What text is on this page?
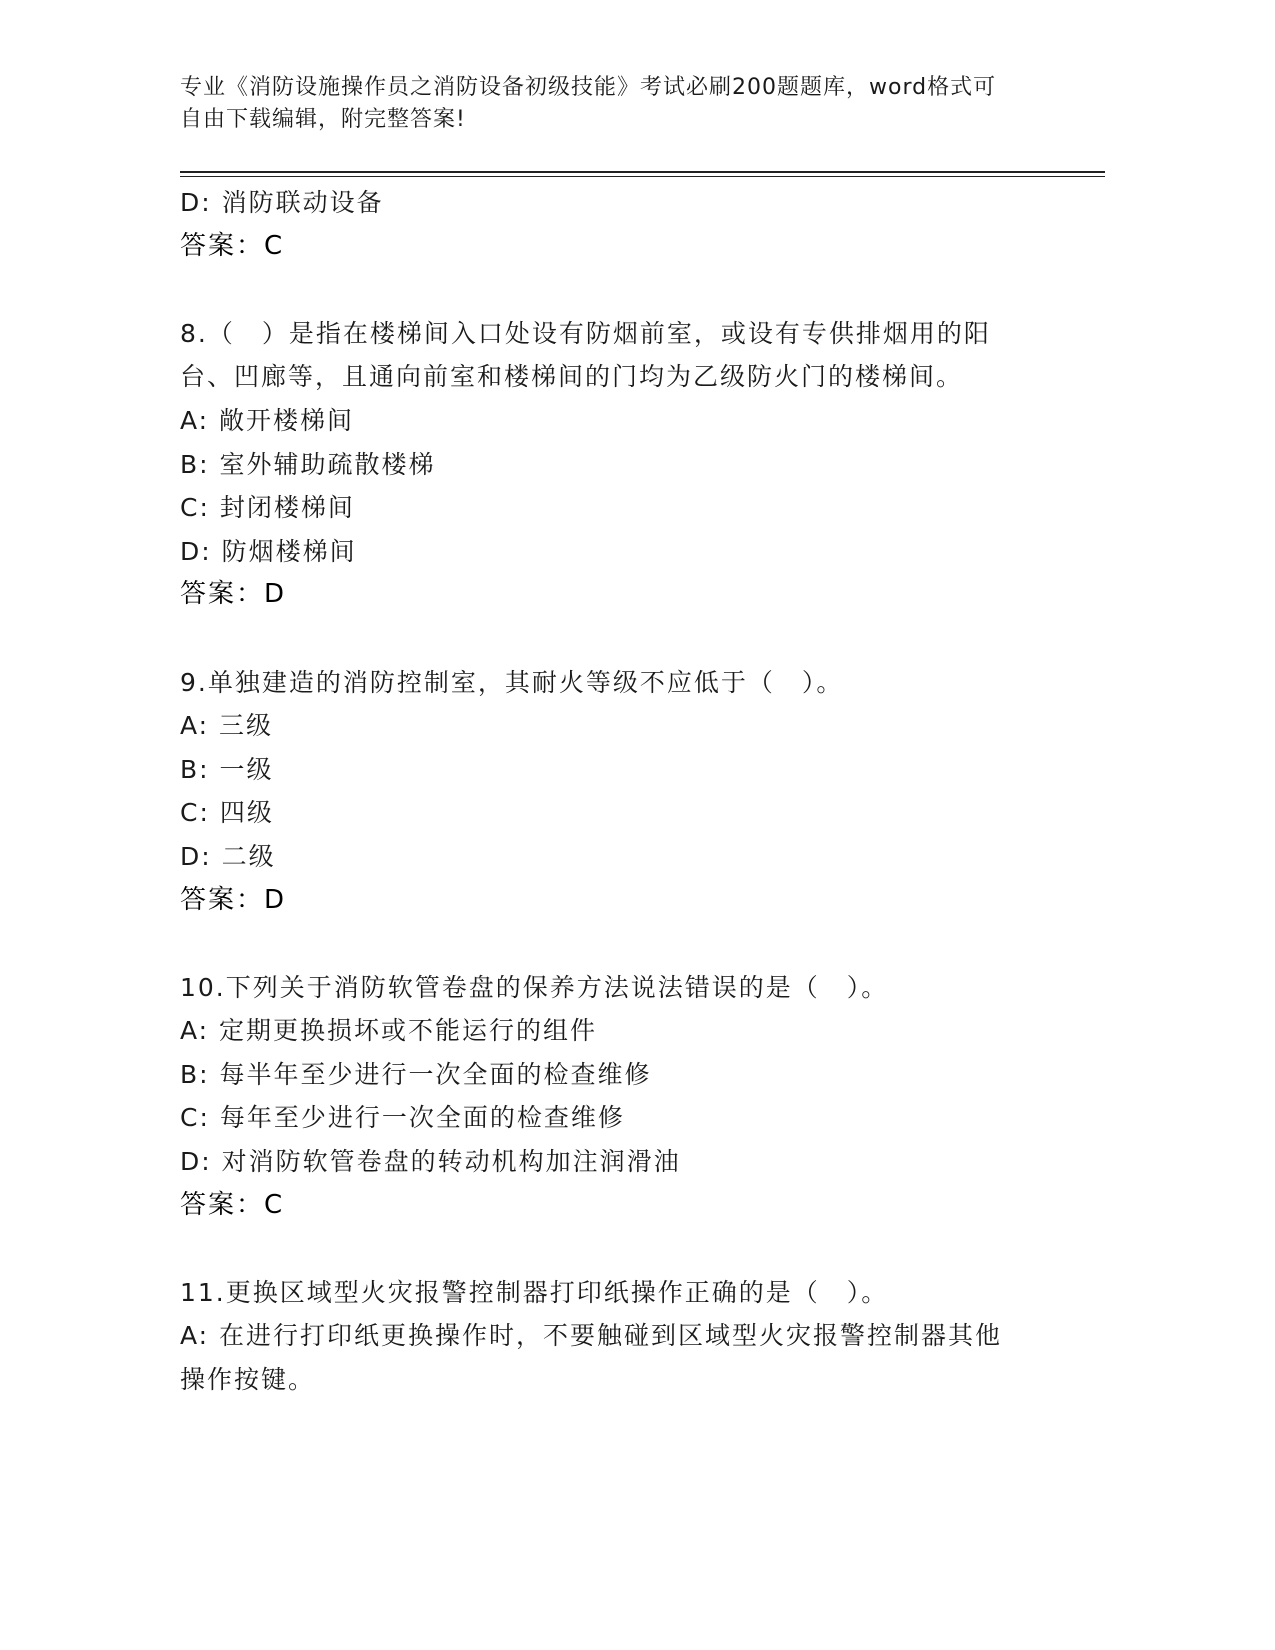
专业《消防设施操作员之消防设备初级技能》考试必刷200题题库，word格式可
自由下载编辑，附完整答案!
D: 消防联动设备
答案：C
8.（　）是指在楼梯间入口处设有防烟前室，或设有专供排烟用的阳
台、凹廊等，且通向前室和楼梯间的门均为乙级防火门的楼梯间。
A: 敞开楼梯间
B: 室外辅助疏散楼梯
C: 封闭楼梯间
D: 防烟楼梯间
答案：D
9.单独建造的消防控制室，其耐火等级不应低于（　）。
A: 三级
B: 一级
C: 四级
D: 二级
答案：D
10.下列关于消防软管卷盘的保养方法说法错误的是（　）。
A: 定期更换损坏或不能运行的组件
B: 每半年至少进行一次全面的检查维修
C: 每年至少进行一次全面的检查维修
D: 对消防软管卷盘的转动机构加注润滑油
答案：C
11.更换区域型火灾报警控制器打印纸操作正确的是（　）。
A: 在进行打印纸更换操作时，不要触碰到区域型火灾报警控制器其他
操作按键。
